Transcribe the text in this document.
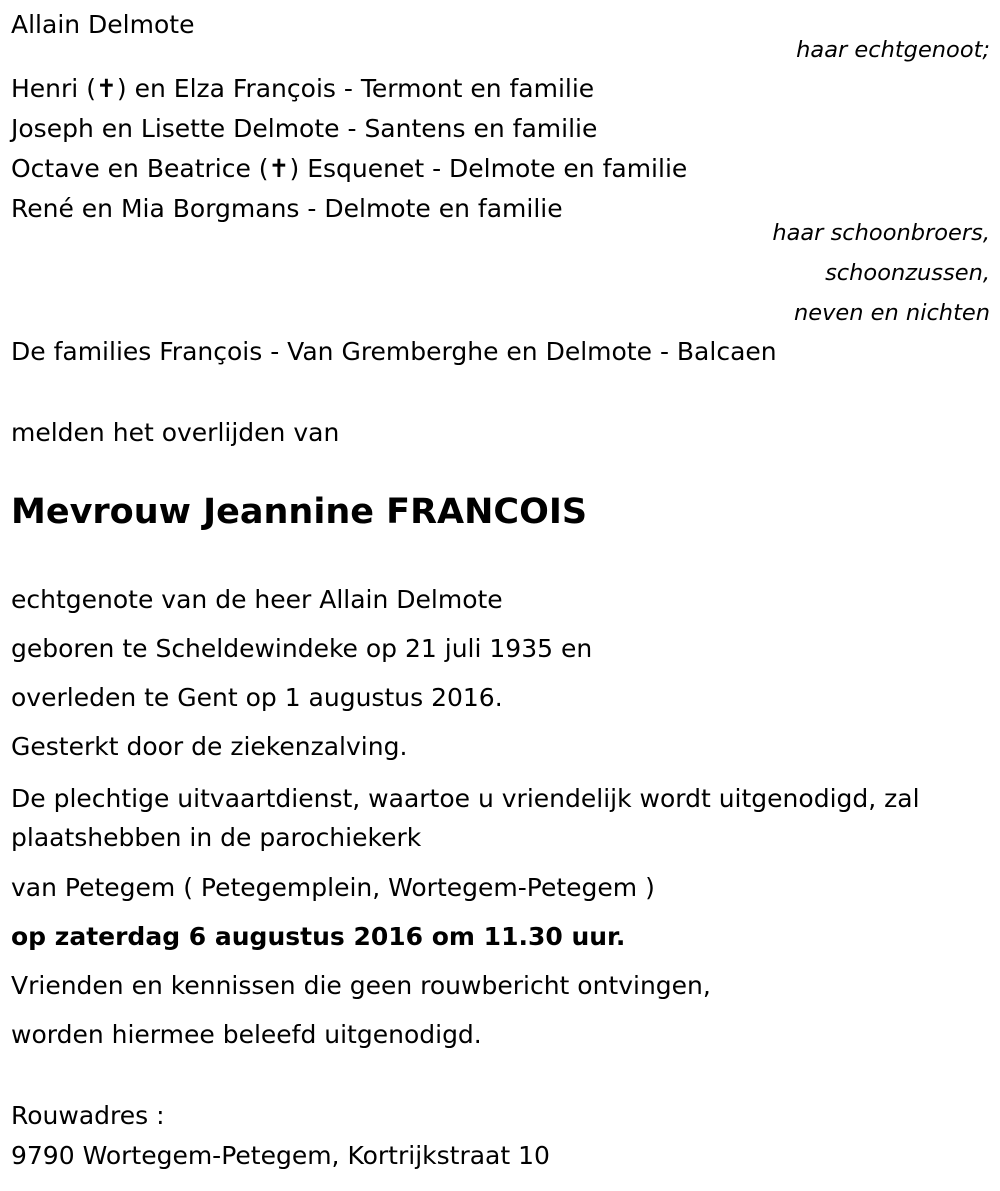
Allain Delmote

haar echtgenoot;

Henri (✝) en Elza François - Termont en familie

Joseph en Lisette Delmote - Santens en familie

Octave en Beatrice (✝) Esquenet - Delmote en familie

René en Mia Borgmans - Delmote en familie

haar schoonbroers,

schoonzussen,

neven en nichten

De families François - Van Gremberghe en Delmote - Balcaen

melden het overlijden van

Mevrouw Jeannine FRANCOIS

echtgenote van de heer Allain Delmote

geboren te Scheldewindeke op 21 juli 1935 en

overleden te Gent op 1 augustus 2016.

Gesterkt door de ziekenzalving.

De plechtige uitvaartdienst, waartoe u vriendelijk wordt uitgenodigd, zal

plaatshebben in de parochiekerk

van Petegem ( Petegemplein, Wortegem-Petegem )

op zaterdag 6 augustus 2016 om 11.30 uur.

Vrienden en kennissen die geen rouwbericht ontvingen,

worden hiermee beleefd uitgenodigd.

Rouwadres :

9790 Wortegem-Petegem, Kortrijkstraat 10
